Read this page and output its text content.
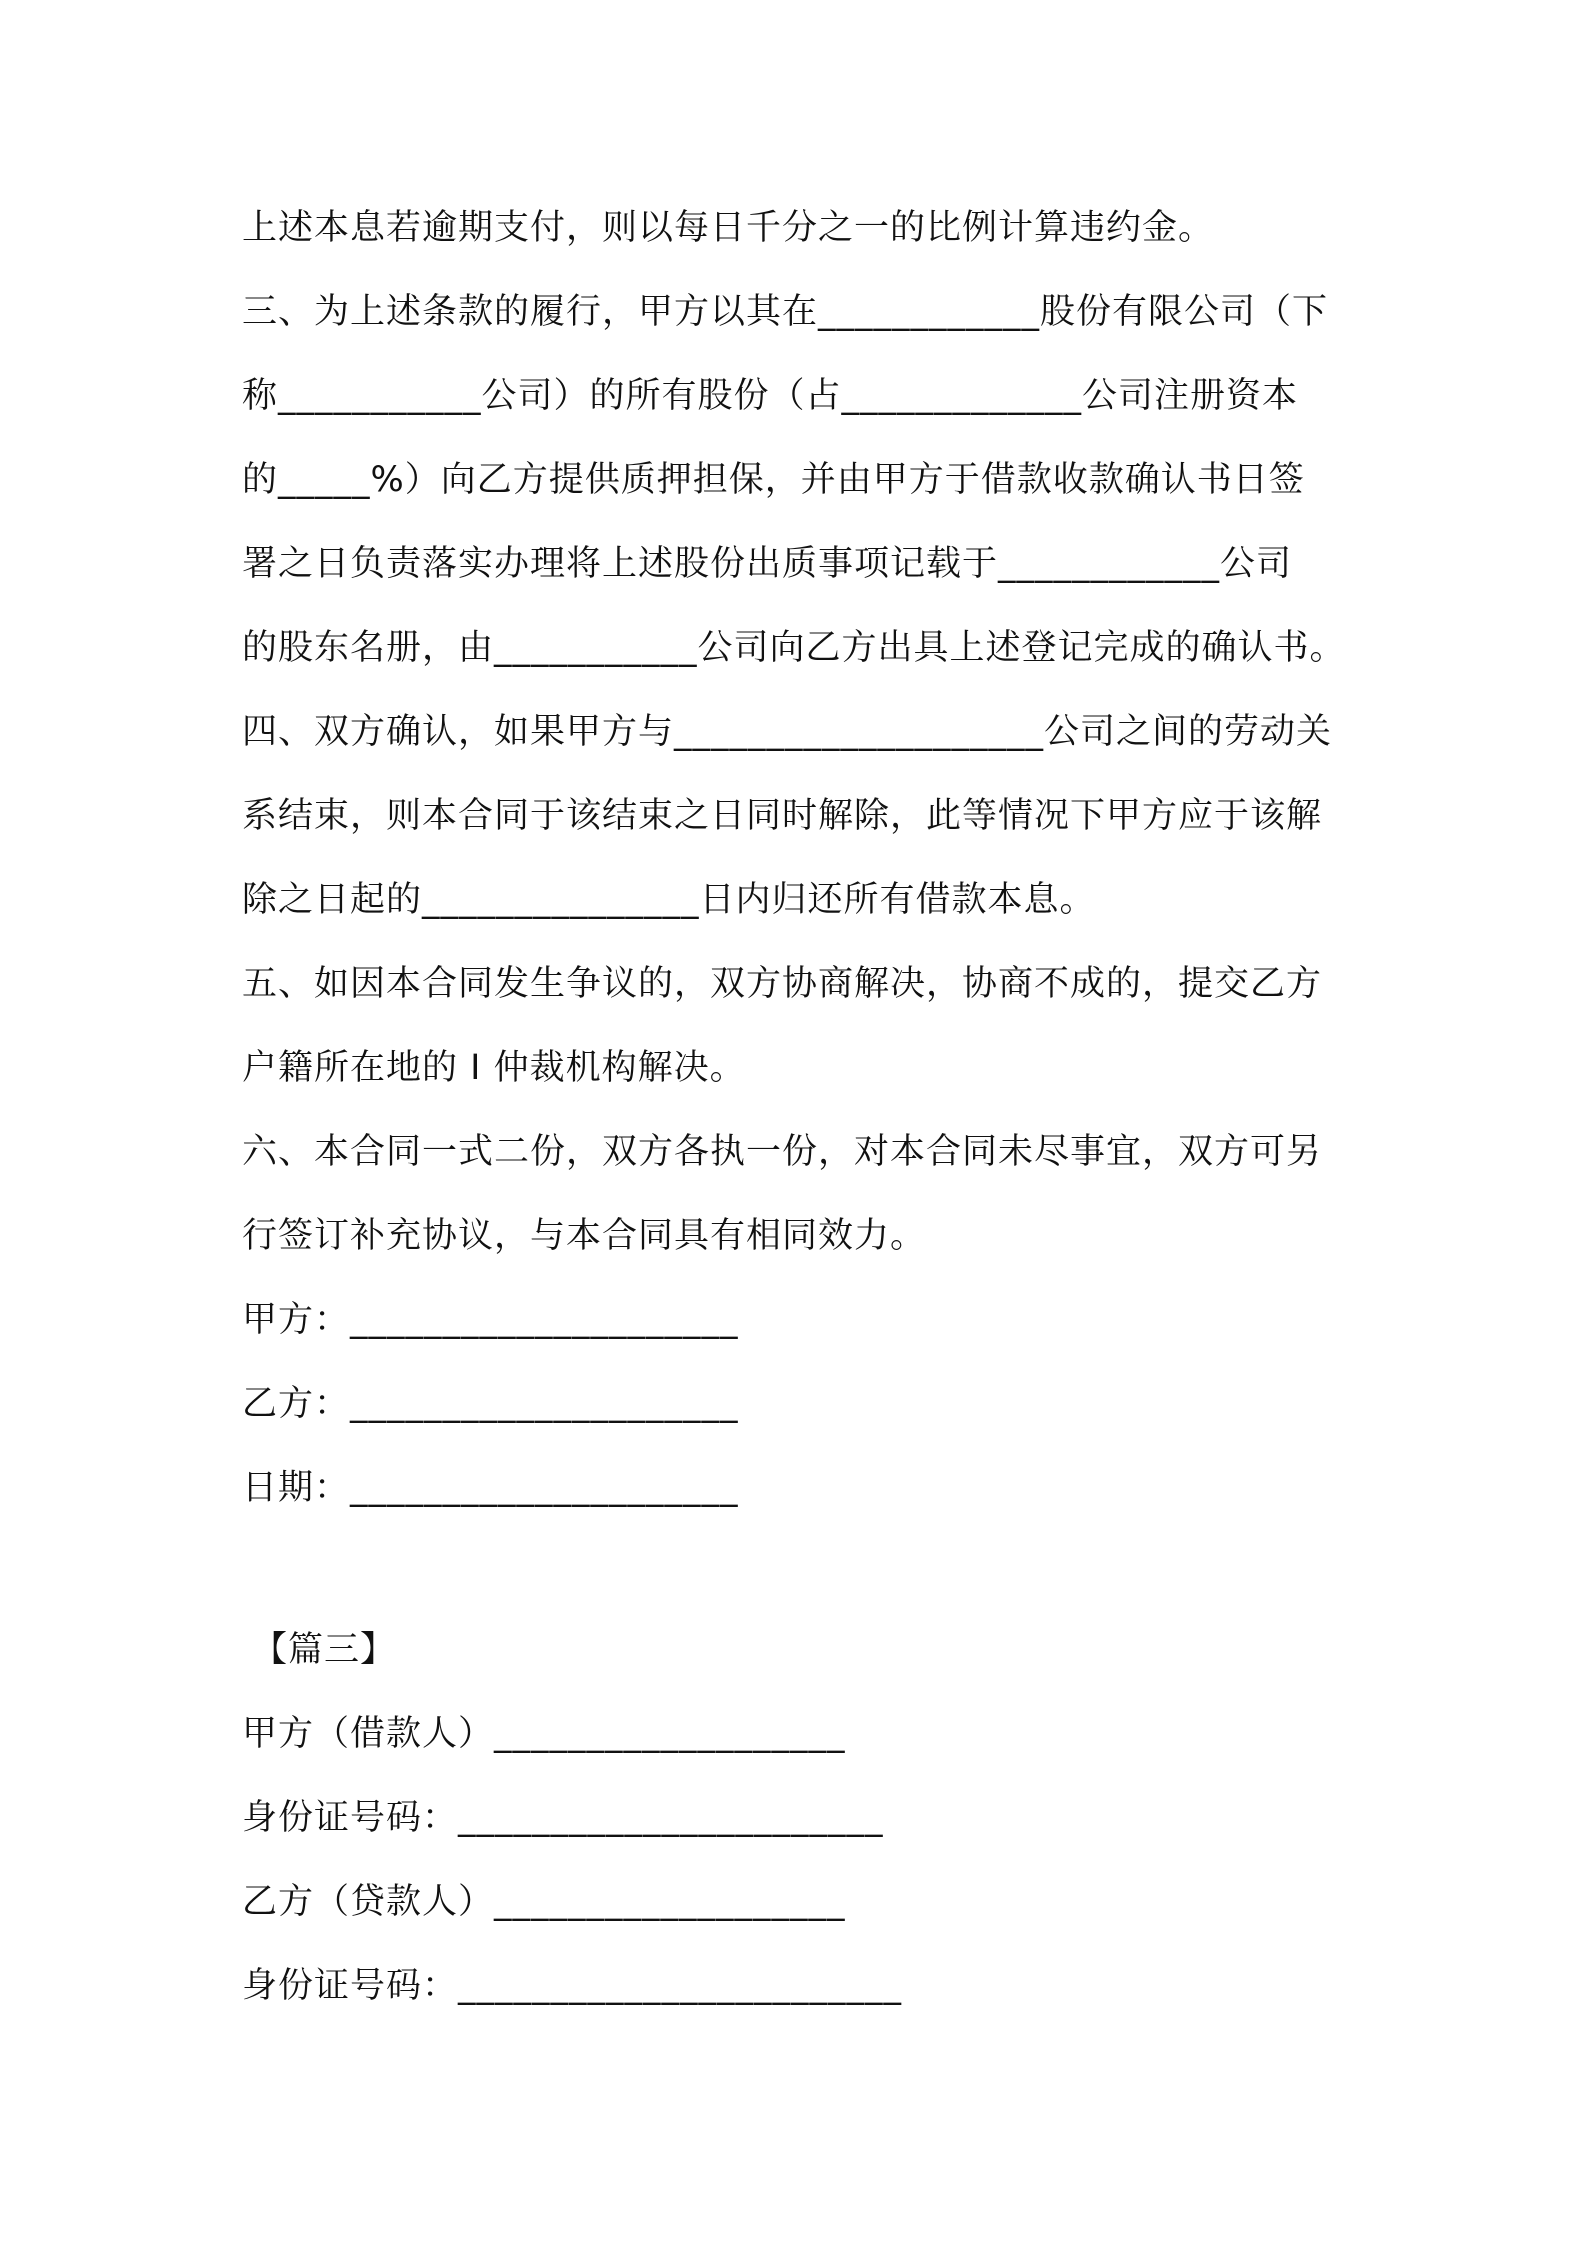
上述本息若逾期支付，则以每日千分之一的比例计算违约金。
三、为上述条款的履行，甲方以其在____________股份有限公司（下
称___________公司）的所有股份（占_____________公司注册资本
的_____%）向乙方提供质押担保，并由甲方于借款收款确认书日签
署之日负责落实办理将上述股份出质事项记载于____________公司
的股东名册，由___________公司向乙方出具上述登记完成的确认书。
四、双方确认，如果甲方与____________________公司之间的劳动关
系结束，则本合同于该结束之日同时解除，此等情况下甲方应于该解
除之日起的_______________日内归还所有借款本息。
五、如因本合同发生争议的，双方协商解决，协商不成的，提交乙方
户籍所在地的 I 仲裁机构解决。
六、本合同一式二份，双方各执一份，对本合同未尽事宜，双方可另
行签订补充协议，与本合同具有相同效力。
甲方：_____________________
乙方：_____________________
日期：_____________________
【篇三】
甲方（借款人）___________________
身份证号码：_______________________
乙方（贷款人）___________________
身份证号码：________________________
